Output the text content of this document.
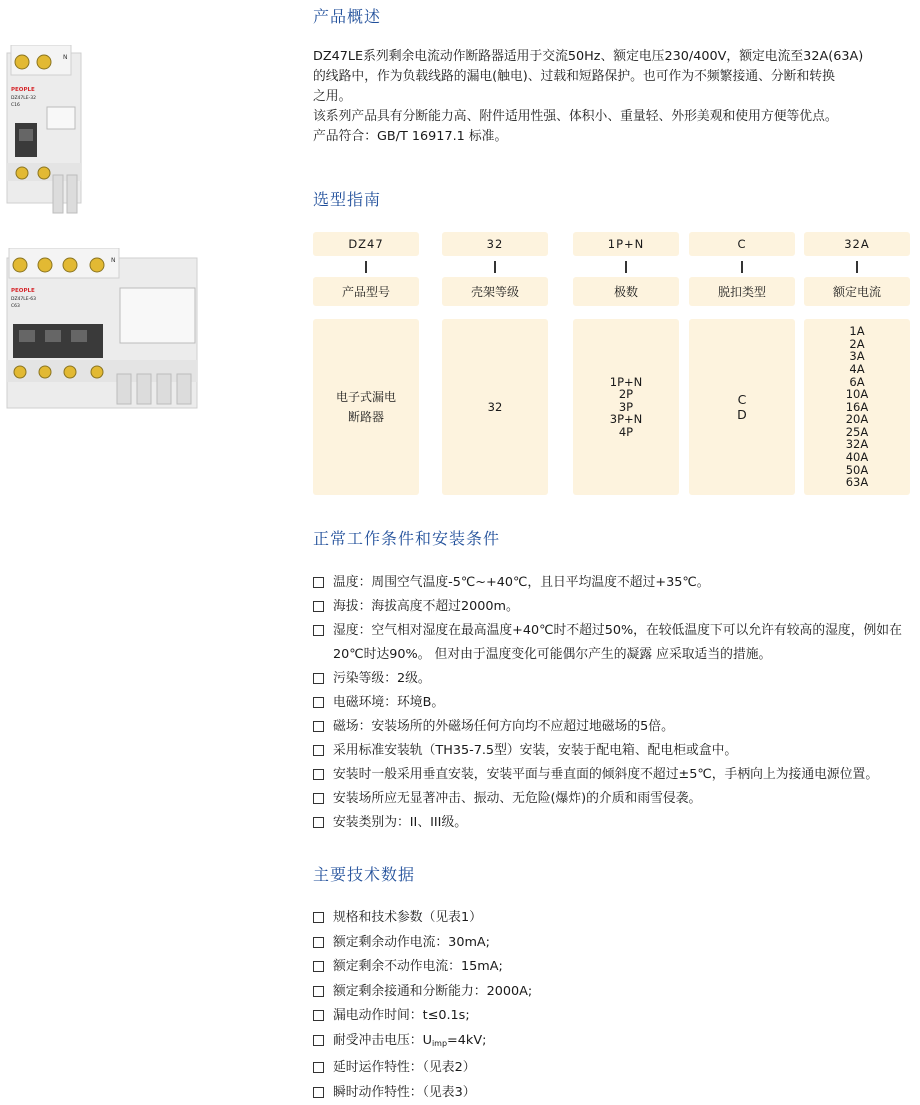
N
PEOPLE
DZ47LE-32
C16
N
PEOPLE
DZ47LE-63
C63
产品概述

DZ47LE系列剩余电流动作断路器适用于交流50Hz、额定电压230/400V，额定电流至32A(63A)

的线路中，作为负载线路的漏电(触电)、过载和短路保护。也可作为不频繁接通、分断和转换

之用。

该系列产品具有分断能力高、附件适用性强、体积小、重量轻、外形美观和使用方便等优点。

产品符合：GB/T 16917.1 标准。

选型指南
DZ47
产品型号
电子式漏电
断路器
32
壳架等级
32
1P+N
极数
1P+N
2P
3P
3P+N
4P
C
脱扣类型
C
D
32A
额定电流
1A
2A
3A
4A
6A
10A
16A
20A
25A
32A
40A
50A
63A
正常工作条件和安装条件
温度：周围空气温度-5℃~+40℃，且日平均温度不超过+35℃。
海拔：海拔高度不超过2000m。
湿度：空气相对湿度在最高温度+40℃时不超过50%，在较低温度下可以允许有较高的湿度，例如在20℃时达90%。 但对由于温度变化可能偶尔产生的凝露 应采取适当的措施。
污染等级：2级。
电磁环境：环境B。
磁场：安装场所的外磁场任何方向均不应超过地磁场的5倍。
采用标准安装轨（TH35-7.5型）安装，安装于配电箱、配电柜或盒中。
安装时一般采用垂直安装，安装平面与垂直面的倾斜度不超过±5℃，手柄向上为接通电源位置。
安装场所应无显著冲击、振动、无危险(爆炸)的介质和雨雪侵袭。
安装类别为：II、III级。
主要技术数据
规格和技术参数（见表1）
额定剩余动作电流：30mA;
额定剩余不动作电流：15mA;
额定剩余接通和分断能力：2000A;
漏电动作时间：t≤0.1s;
耐受冲击电压：$U_{imp}=4kV$;
延时运作特性：（见表2）
瞬时动作特性：（见表3）
